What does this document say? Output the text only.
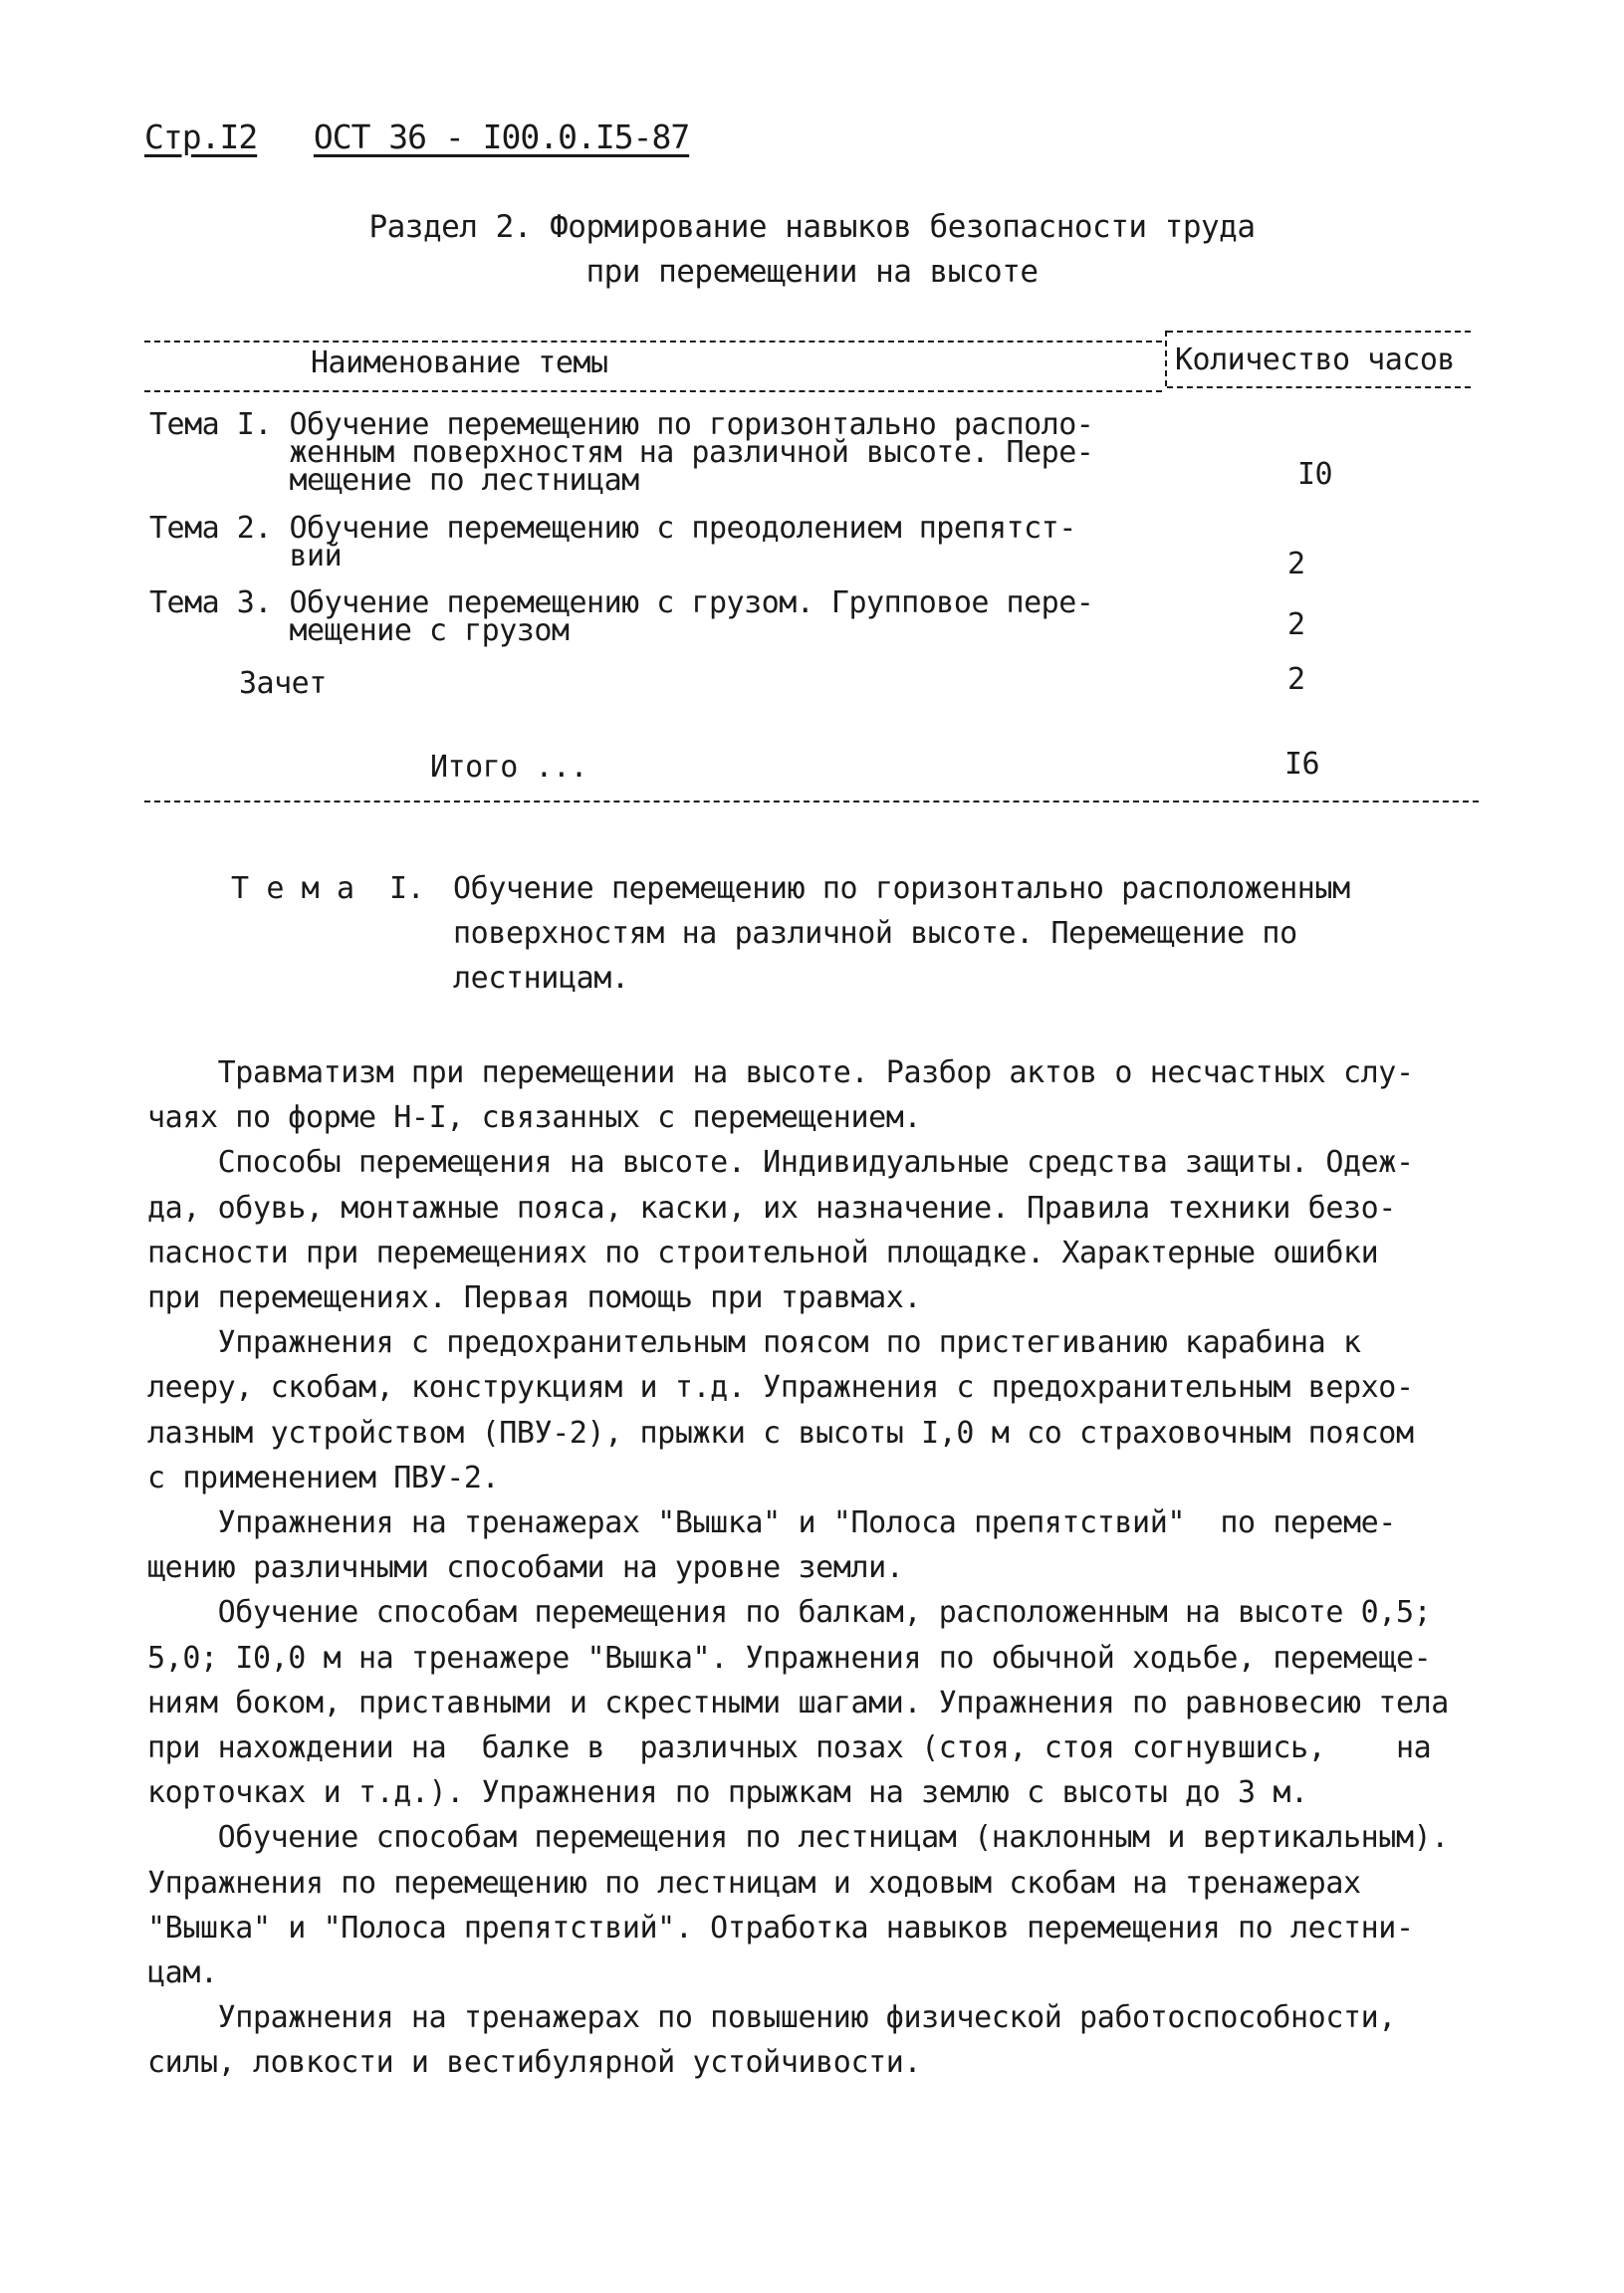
Стр.I2 ОСТ 36 - I00.0.I5-87
Раздел 2. Формирование навыков безопасности труда
при перемещении на высоте
Наименование темы	Количество часов
Тема I. Обучение перемещению по горизонтально располо-
женным поверхностям на различной высоте. Пере-
мещение по лестницам	I0
Тема 2. Обучение перемещению с преодолением препятст-
вий	2
Тема 3. Обучение перемещению с грузом. Групповое пере-
мещение с грузом	2
Зачет	2
Итого ...	I6
Т е м а  I. Обучение перемещению по горизонтально расположенным
поверхностям на различной высоте. Перемещение по
лестницам.
Травматизм при перемещении на высоте. Разбор актов о несчастных слу-
чаях по форме Н-I, связанных с перемещением.
Способы перемещения на высоте. Индивидуальные средства защиты. Одеж-
да, обувь, монтажные пояса, каски, их назначение. Правила техники безо-
пасности при перемещениях по строительной площадке. Характерные ошибки
при перемещениях. Первая помощь при травмах.
Упражнения с предохранительным поясом по пристегиванию карабина к
лееру, скобам, конструкциям и т.д. Упражнения с предохранительным верхо-
лазным устройством (ПВУ-2), прыжки с высоты I,0 м со страховочным поясом
с применением ПВУ-2.
Упражнения на тренажерах "Вышка" и "Полоса препятствий"  по переме-
щению различными способами на уровне земли.
Обучение способам перемещения по балкам, расположенным на высоте 0,5;
5,0; I0,0 м на тренажере "Вышка". Упражнения по обычной ходьбе, перемеще-
ниям боком, приставными и скрестными шагами. Упражнения по равновесию тела
при нахождении на  балке в  различных позах (стоя, стоя согнувшись,    на
корточках и т.д.). Упражнения по прыжкам на землю с высоты до 3 м.
Обучение способам перемещения по лестницам (наклонным и вертикальным).
Упражнения по перемещению по лестницам и ходовым скобам на тренажерах
"Вышка" и "Полоса препятствий". Отработка навыков перемещения по лестни-
цам.
Упражнения на тренажерах по повышению физической работоспособности,
силы, ловкости и вестибулярной устойчивости.
